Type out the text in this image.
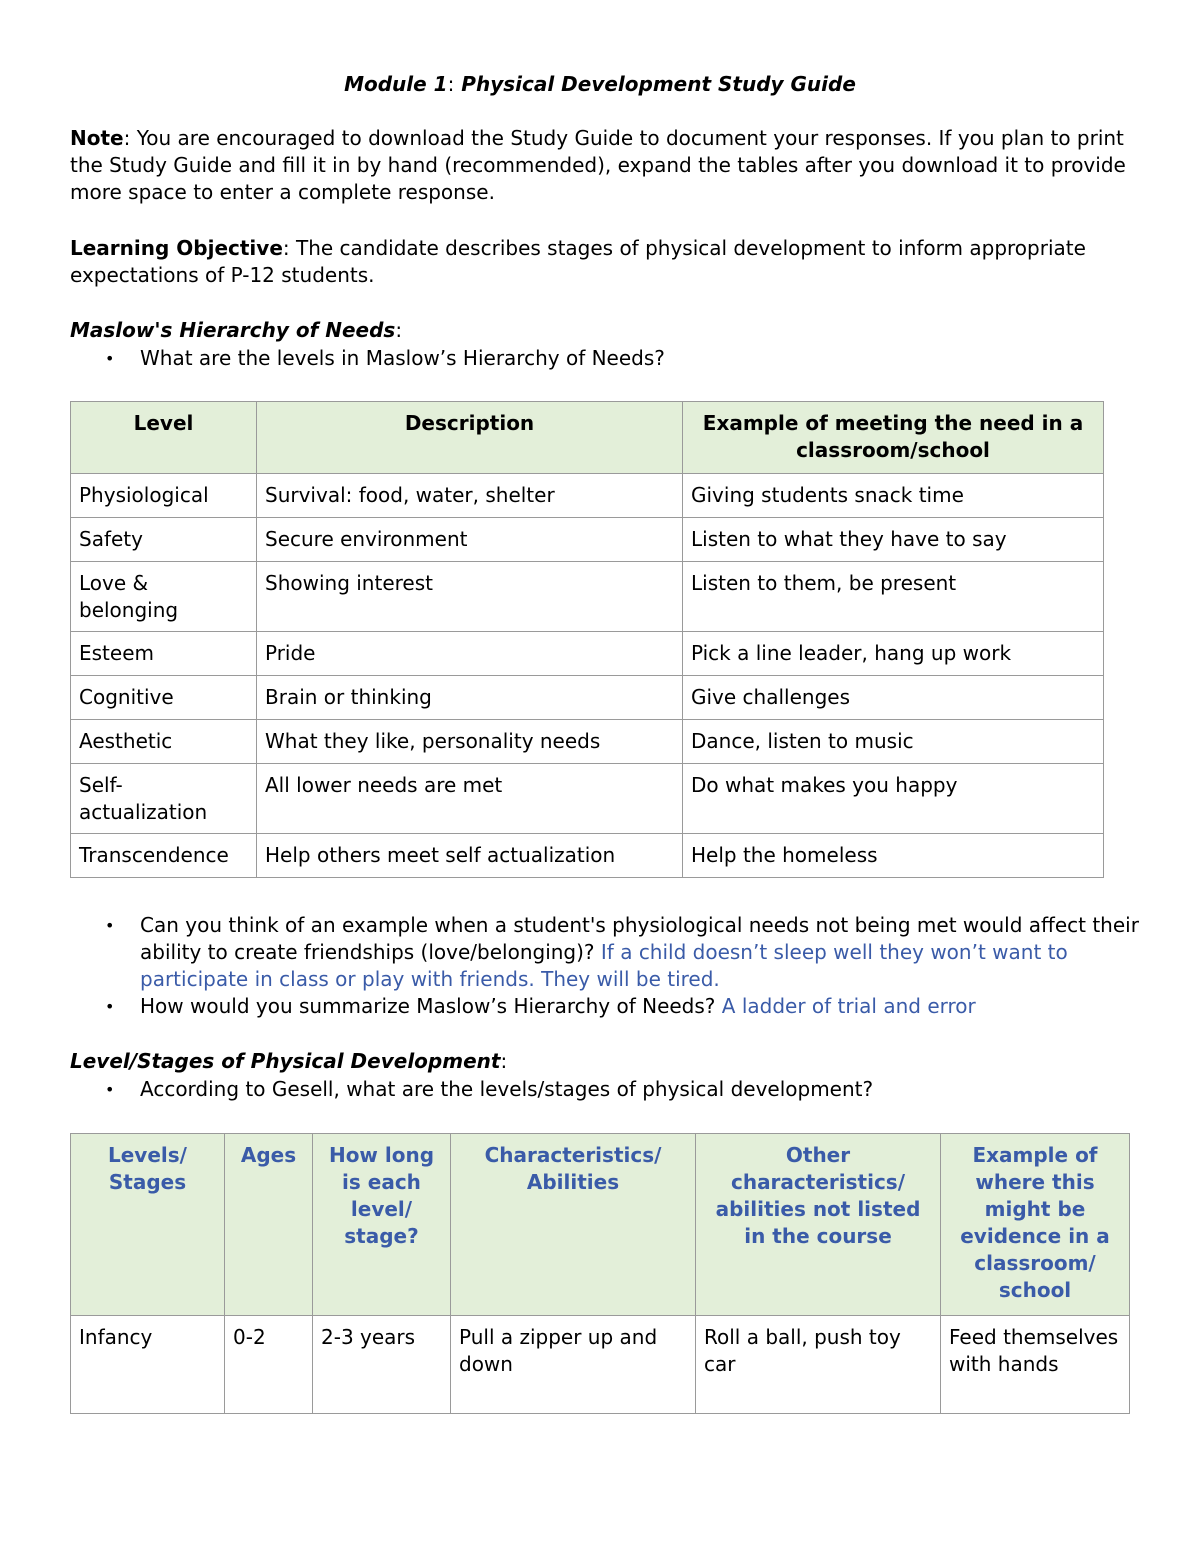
Module 1: Physical Development Study Guide
Note: You are encouraged to download the Study Guide to document your responses. If you plan to print the Study Guide and fill it in by hand (recommended), expand the tables after you download it to provide more space to enter a complete response.
Learning Objective: The candidate describes stages of physical development to inform appropriate expectations of P-12 students.
Maslow's Hierarchy of Needs:
• What are the levels in Maslow’s Hierarchy of Needs?
Level	Description	Example of meeting the need in a classroom/school
Physiological	Survival: food, water, shelter	Giving students snack time
Safety	Secure environment	Listen to what they have to say
Love & belonging	Showing interest	Listen to them, be present
Esteem	Pride	Pick a line leader, hang up work
Cognitive	Brain or thinking	Give challenges
Aesthetic	What they like, personality needs	Dance, listen to music
Self-actualization	All lower needs are met	Do what makes you happy
Transcendence	Help others meet self actualization	Help the homeless
• Can you think of an example when a student's physiological needs not being met would affect their ability to create friendships (love/belonging)? If a child doesn’t sleep well they won’t want to participate in class or play with friends. They will be tired.
• How would you summarize Maslow’s Hierarchy of Needs? A ladder of trial and error
Level/Stages of Physical Development:
• According to Gesell, what are the levels/stages of physical development?
Levels/ Stages	Ages	How long is each level/ stage?	Characteristics/ Abilities	Other characteristics/ abilities not listed in the course	Example of where this might be evidence in a classroom/ school
Infancy	0-2	2-3 years	Pull a zipper up and down	Roll a ball, push toy car	Feed themselves with hands
